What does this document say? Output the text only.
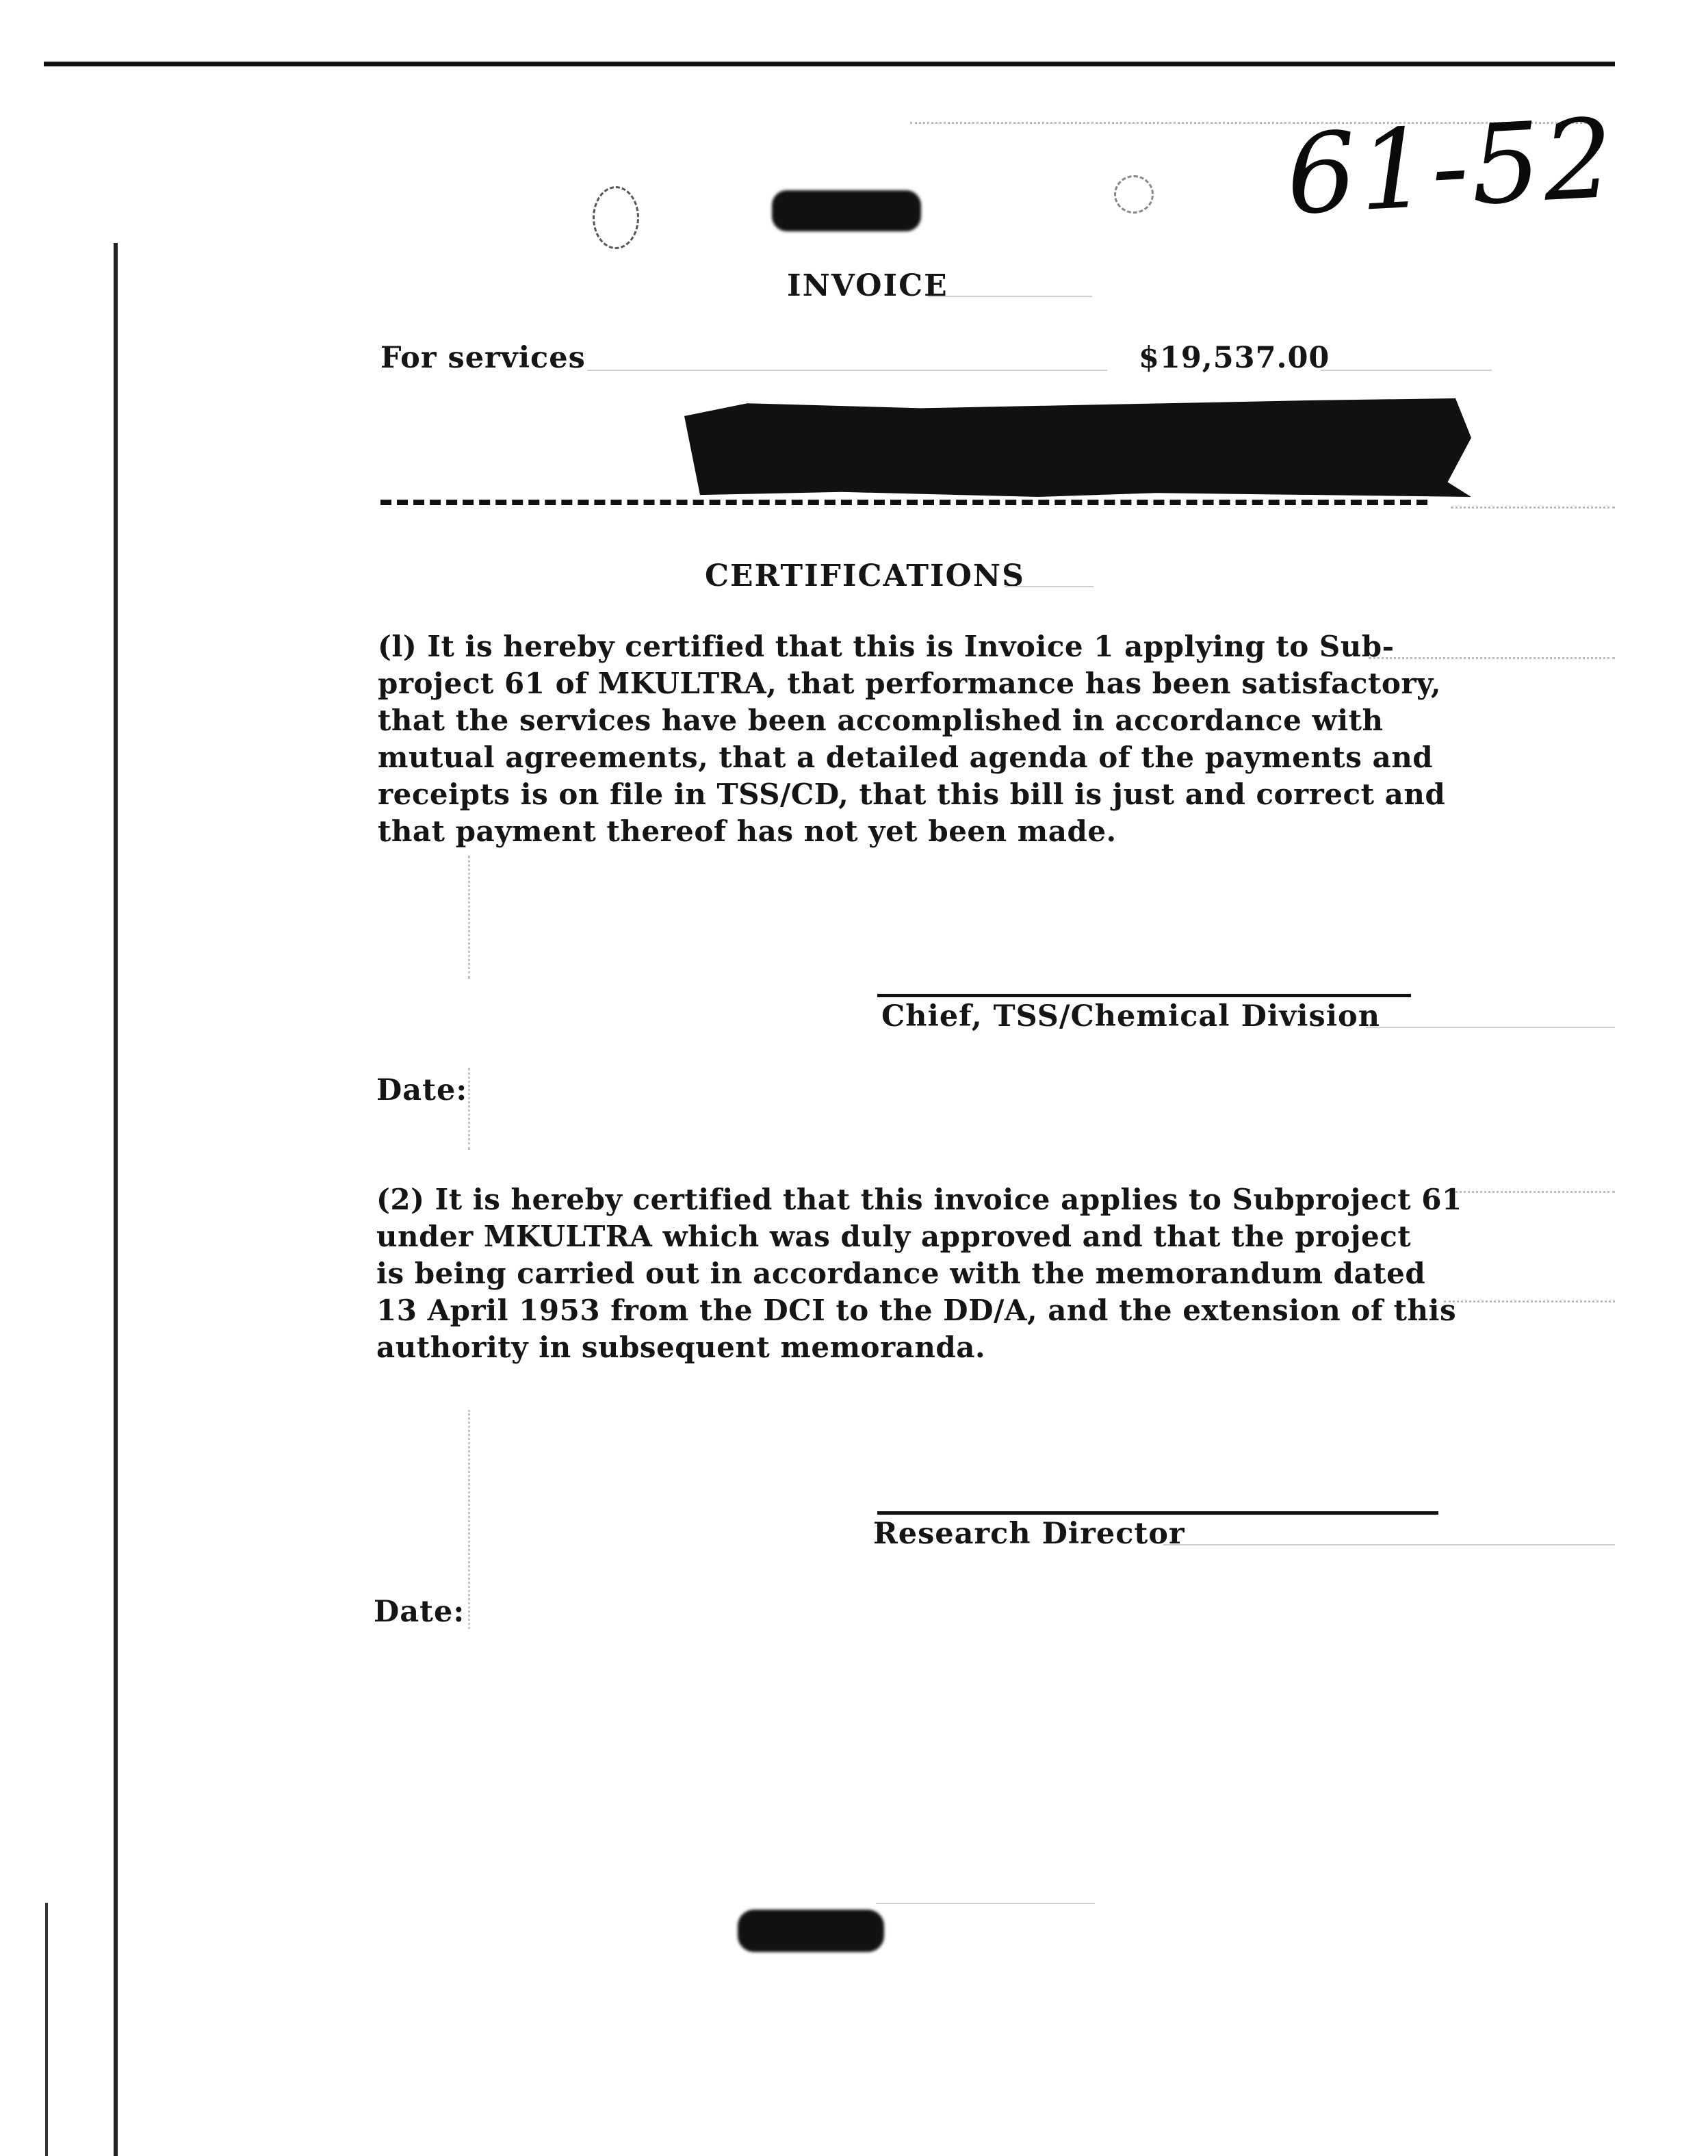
61-52
INVOICE
For services	$19,537.00
CERTIFICATIONS
(l) It is hereby certified that this is Invoice 1 applying to Sub-
project 61 of MKULTRA, that performance has been satisfactory,
that the services have been accomplished in accordance with
mutual agreements, that a detailed agenda of the payments and
receipts is on file in TSS/CD, that this bill is just and correct and
that payment thereof has not yet been made.
Chief, TSS/Chemical Division
Date:
(2) It is hereby certified that this invoice applies to Subproject 61
under MKULTRA which was duly approved and that the project
is being carried out in accordance with the memorandum dated
13 April 1953 from the DCI to the DD/A, and the extension of this
authority in subsequent memoranda.
Research Director
Date:
